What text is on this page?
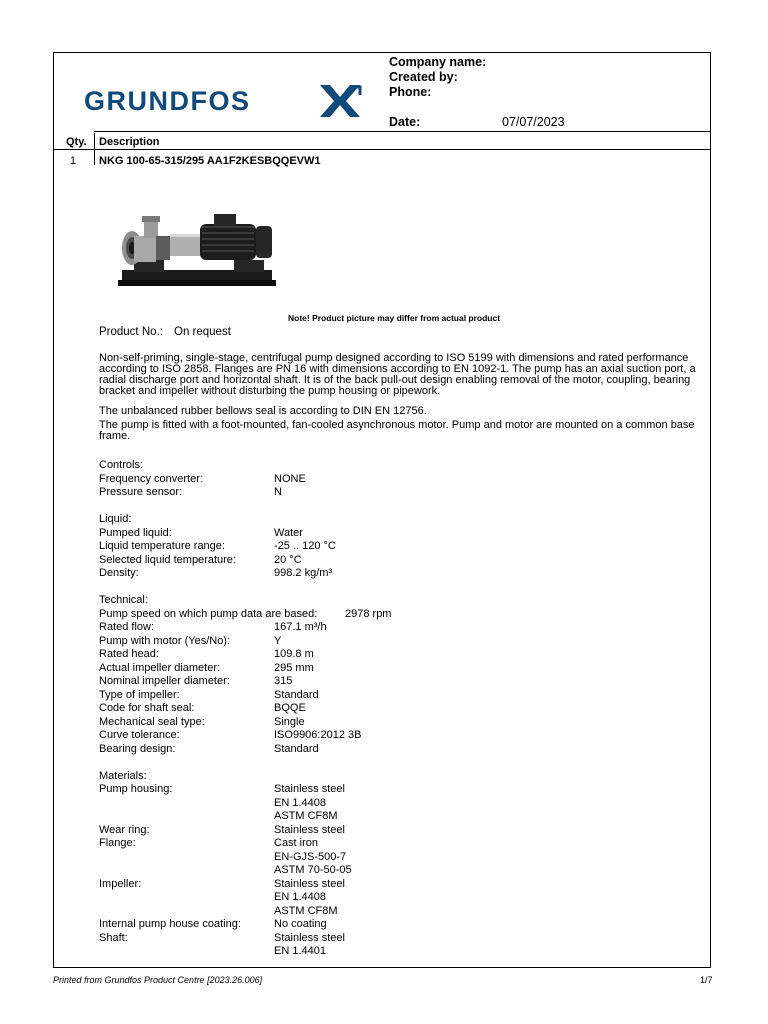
GRUNDFOS
Company name:
Created by:
Phone:
Date:	07/07/2023
Qty. Description
1 NKG 100-65-315/295 AA1F2KESBQQEVW1
Note! Product picture may differ from actual product
Product No.: On request
Non-self-priming, single-stage, centrifugal pump designed according to ISO 5199 with dimensions and rated performance according to ISO 2858. Flanges are PN 16 with dimensions according to EN 1092-1. The pump has an axial suction port, a radial discharge port and horizontal shaft. It is of the back pull-out design enabling removal of the motor, coupling, bearing bracket and impeller without disturbing the pump housing or pipework.
The unbalanced rubber bellows seal is according to DIN EN 12756.
The pump is fitted with a foot-mounted, fan-cooled asynchronous motor. Pump and motor are mounted on a common base frame.
Controls:
Frequency converter:	NONE
Pressure sensor:	N
Liquid:
Pumped liquid:	Water
Liquid temperature range:	-25 .. 120 °C
Selected liquid temperature:	20 °C
Density:	998.2 kg/m³
Technical:
Pump speed on which pump data are based:	2978 rpm
Rated flow:	167.1 m³/h
Pump with motor (Yes/No):	Y
Rated head:	109.8 m
Actual impeller diameter:	295 mm
Nominal impeller diameter:	315
Type of impeller:	Standard
Code for shaft seal:	BQQE
Mechanical seal type:	Single
Curve tolerance:	ISO9906:2012 3B
Bearing design:	Standard
Materials:
Pump housing:	Stainless steel
EN 1.4408
ASTM CF8M
Wear ring:	Stainless steel
Flange:	Cast iron
EN-GJS-500-7
ASTM 70-50-05
Impeller:	Stainless steel
EN 1.4408
ASTM CF8M
Internal pump house coating:	No coating
Shaft:	Stainless steel
EN 1.4401
Printed from Grundfos Product Centre [2023.26.006]	1/7
